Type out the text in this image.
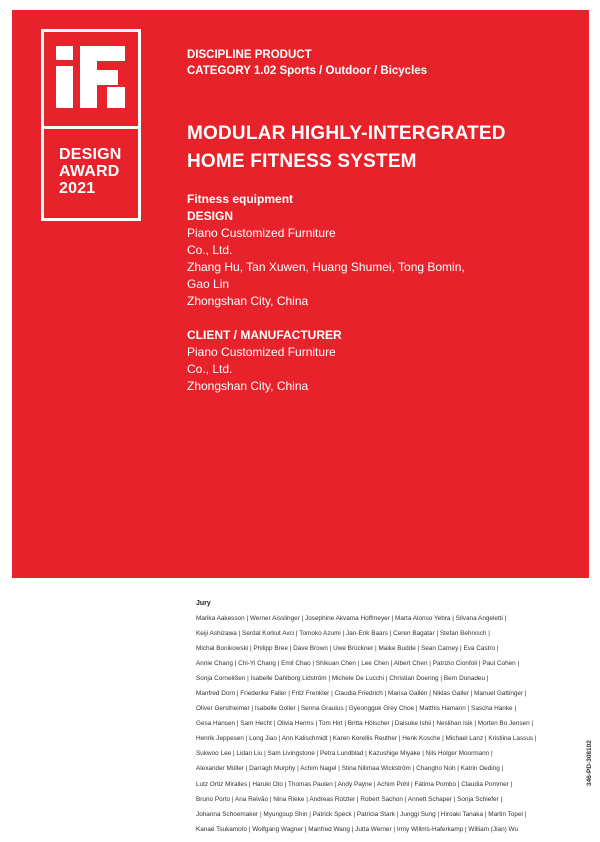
DESIGN
AWARD
2021
DISCIPLINE PRODUCT
CATEGORY 1.02 Sports / Outdoor / Bicycles
MODULAR HIGHLY-INTERGRATED
HOME FITNESS SYSTEM
Fitness equipment
DESIGN
Piano Customized Furniture
Co., Ltd.
Zhang Hu, Tan Xuwen, Huang Shumei, Tong Bomin,
Gao Lin
Zhongshan City, China
CLIENT / MANUFACTURER
Piano Customized Furniture
Co., Ltd.
Zhongshan City, China
Jury
Marika Aakesson | Werner Aisslinger | Josephine Akvama Hoffmeyer | Marta Alonso Yebra | Silvana Angeletti |
Keiji Ashizawa | Serdal Korkut Avci | Tomoko Azumi | Jan-Erik Baars | Ceren Bagatar | Stefan Behnisch |
Michal Bonikowski | Philipp Bree | Dave Brown | Uwe Brückner | Maike Budde | Sean Carney | Eva Castro |
Annie Chang | Chi-Yi Chang | Emil Chao | Shikuan Chen | Lee Chen | Albert Chen | Patrizio Cionfoli | Paul Cohen |
Sonja Cornelißen | Isabelle Dahlborg Lidström | Michele De Lucchi | Christian Doering | Bern Donadeu |
Manfred Dorn | Friederike Faller | Fritz Frenkler | Claudia Friedrich | Marisa Gallén | Niklas Galler | Manuel Gattinger |
Oliver Gerstheimer | Isabelle Goller | Senna Graulus | Gyeongguk Grey Choe | Matthis Hamann | Sascha Hanke |
Gesa Hansen | Sam Hecht | Olivia Herms | Tom Hirt | Britta Hölscher | Daisuke Ishii | Neslihan Isik | Morten Bo Jensen |
Henrik Jeppesen | Long Jiao | Ann Kalischmidt | Karen Korellis Reuther | Henk Kosche | Michael Lanz | Kristiina Lassus |
Sukwoo Lee | Lidan Liu | Sam Livingstone | Petra Lundblad | Kazushige Miyake | Nils Holger Moormann |
Alexander Müller | Darragh Murphy | Achim Nagel | Stina Nilimaa Wickström | Changho Noh | Katrin Oeding |
Lutz Ortiz Miralles | Haruki Oto | Thomas Paulen | Andy Payne | Achim Pohl | Fátima Pombo | Claudia Pommer |
Bruno Porto | Ana Relvão | Nina Rieke | Andreas Rotzler | Robert Sachon | Annett Schaper | Sonja Schiefer |
Johanna Schoemaker | Myungsup Shin | Patrick Speck | Patricia Stark | Junggi Sung | Hiroaki Tanaka | Martin Topel |
Kanaé Tsukamoto | Wolfgang Wagner | Manfred Wang | Jutta Werner | Irmy Willms-Haferkamp | William (Jian) Wu
346-PD-308102
